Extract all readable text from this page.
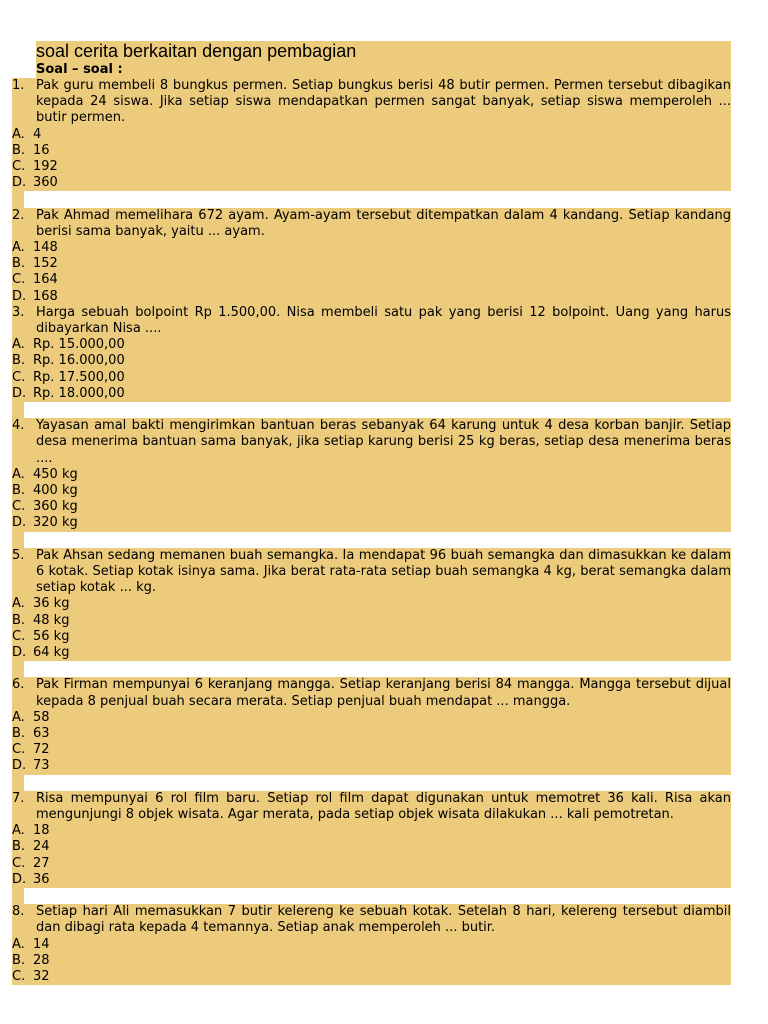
soal cerita berkaitan dengan pembagian
Soal – soal :
1. Pak guru membeli 8 bungkus permen. Setiap bungkus berisi 48 butir permen. Permen tersebut dibagikan kepada 24 siswa. Jika setiap siswa mendapatkan permen sangat banyak, setiap siswa memperoleh ... butir permen.
A. 4
B. 16
C. 192
D. 360
2. Pak Ahmad memelihara 672 ayam. Ayam-ayam tersebut ditempatkan dalam 4 kandang. Setiap kandang berisi sama banyak, yaitu ... ayam.
A. 148
B. 152
C. 164
D. 168
3. Harga sebuah bolpoint Rp 1.500,00. Nisa membeli satu pak yang berisi 12 bolpoint. Uang yang harus dibayarkan Nisa ....
A. Rp. 15.000,00
B. Rp. 16.000,00
C. Rp. 17.500,00
D. Rp. 18.000,00
4. Yayasan amal bakti mengirimkan bantuan beras sebanyak 64 karung untuk 4 desa korban banjir. Setiap desa menerima bantuan sama banyak, jika setiap karung berisi 25 kg beras, setiap desa menerima beras ....
A. 450 kg
B. 400 kg
C. 360 kg
D. 320 kg
5. Pak Ahsan sedang memanen buah semangka. Ia mendapat 96 buah semangka dan dimasukkan ke dalam 6 kotak. Setiap kotak isinya sama. Jika berat rata-rata setiap buah semangka 4 kg, berat semangka dalam setiap kotak ... kg.
A. 36 kg
B. 48 kg
C. 56 kg
D. 64 kg
6. Pak Firman mempunyai 6 keranjang mangga. Setiap keranjang berisi 84 mangga. Mangga tersebut dijual kepada 8 penjual buah secara merata. Setiap penjual buah mendapat ... mangga.
A. 58
B. 63
C. 72
D. 73
7. Risa mempunyai 6 rol film baru. Setiap rol film dapat digunakan untuk memotret 36 kali. Risa akan mengunjungi 8 objek wisata. Agar merata, pada setiap objek wisata dilakukan ... kali pemotretan.
A. 18
B. 24
C. 27
D. 36
8. Setiap hari Ali memasukkan 7 butir kelereng ke sebuah kotak. Setelah 8 hari, kelereng tersebut diambil dan dibagi rata kepada 4 temannya. Setiap anak memperoleh ... butir.
A. 14
B. 28
C. 32
